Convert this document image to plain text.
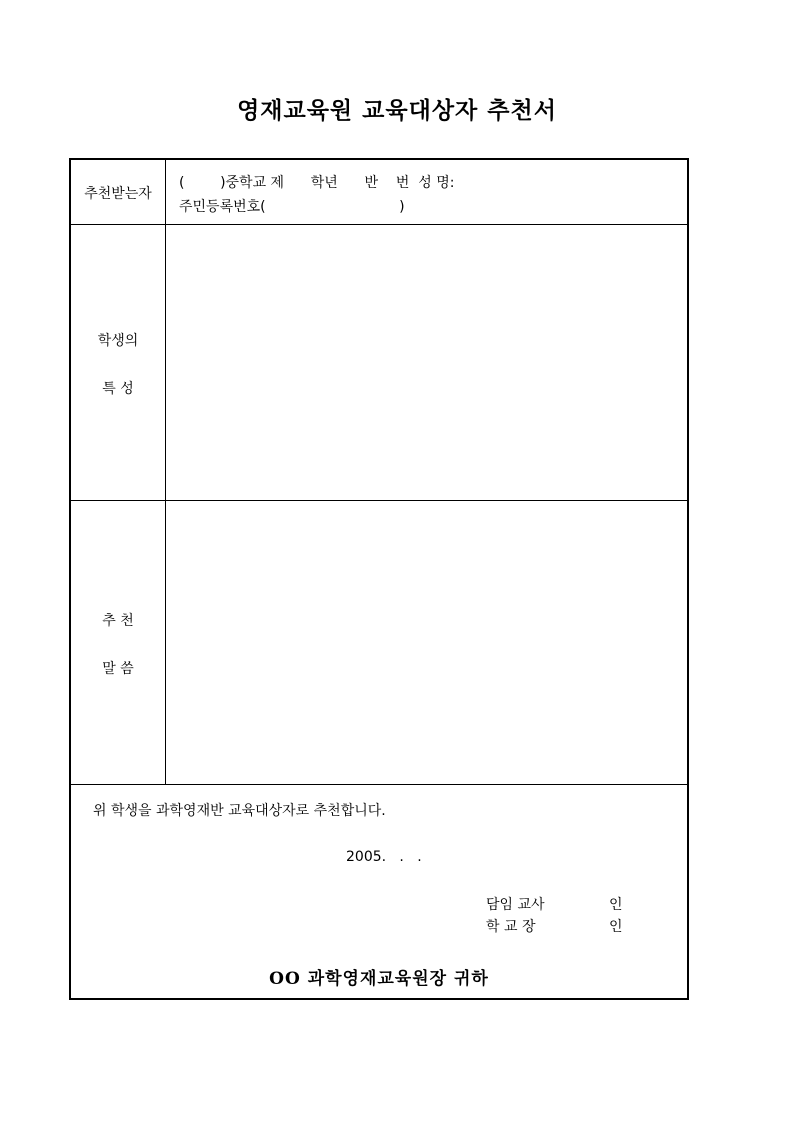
영재교육원 교육대상자 추천서
추천받는자
(        )중학교 제      학년      반    번  성 명:
주민등록번호(                              )
학생의
특 성
추 천
말 씀
위 학생을 과학영재반 교육대상자로 추천합니다.
2005.   .   .
담임 교사	인
학 교 장	인
OO 과학영재교육원장 귀하
